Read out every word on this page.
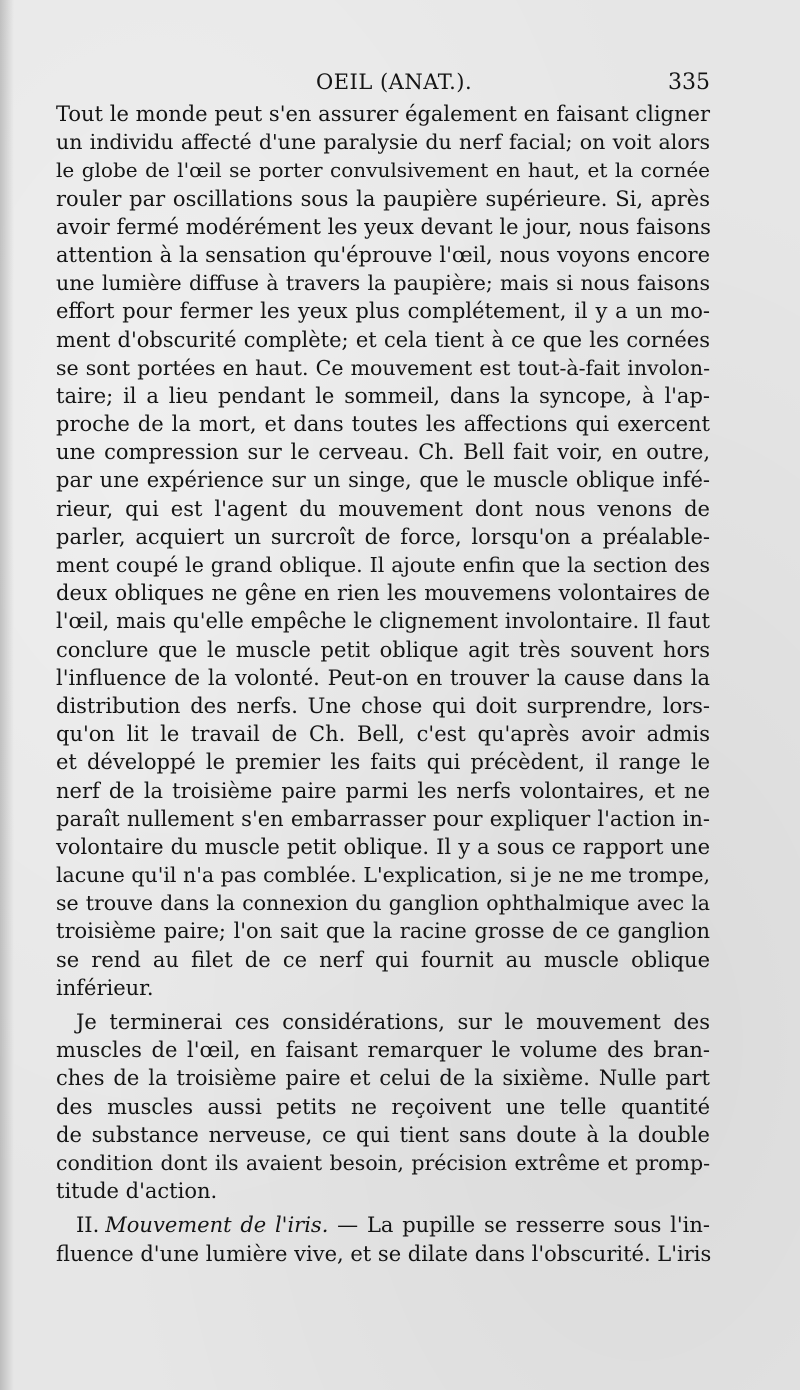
OEIL (ANAT.).	335
Tout le monde peut s'en assurer également en faisant cligner
un individu affecté d'une paralysie du nerf facial; on voit alors
le globe de l'œil se porter convulsivement en haut, et la cornée
rouler par oscillations sous la paupière supérieure. Si, après
avoir fermé modérément les yeux devant le jour, nous faisons
attention à la sensation qu'éprouve l'œil, nous voyons encore
une lumière diffuse à travers la paupière; mais si nous faisons
effort pour fermer les yeux plus complétement, il y a un mo-
ment d'obscurité complète; et cela tient à ce que les cornées
se sont portées en haut. Ce mouvement est tout-à-fait involon-
taire; il a lieu pendant le sommeil, dans la syncope, à l'ap-
proche de la mort, et dans toutes les affections qui exercent
une compression sur le cerveau. Ch. Bell fait voir, en outre,
par une expérience sur un singe, que le muscle oblique infé-
rieur, qui est l'agent du mouvement dont nous venons de
parler, acquiert un surcroît de force, lorsqu'on a préalable-
ment coupé le grand oblique. Il ajoute enfin que la section des
deux obliques ne gêne en rien les mouvemens volontaires de
l'œil, mais qu'elle empêche le clignement involontaire. Il faut
conclure que le muscle petit oblique agit très souvent hors
l'influence de la volonté. Peut-on en trouver la cause dans la
distribution des nerfs. Une chose qui doit surprendre, lors-
qu'on lit le travail de Ch. Bell, c'est qu'après avoir admis
et développé le premier les faits qui précèdent, il range le
nerf de la troisième paire parmi les nerfs volontaires, et ne
paraît nullement s'en embarrasser pour expliquer l'action in-
volontaire du muscle petit oblique. Il y a sous ce rapport une
lacune qu'il n'a pas comblée. L'explication, si je ne me trompe,
se trouve dans la connexion du ganglion ophthalmique avec la
troisième paire; l'on sait que la racine grosse de ce ganglion
se rend au filet de ce nerf qui fournit au muscle oblique
inférieur.
Je terminerai ces considérations, sur le mouvement des
muscles de l'œil, en faisant remarquer le volume des bran-
ches de la troisième paire et celui de la sixième. Nulle part
des muscles aussi petits ne reçoivent une telle quantité
de substance nerveuse, ce qui tient sans doute à la double
condition dont ils avaient besoin, précision extrême et promp-
titude d'action.
II. Mouvement de l'iris. — La pupille se resserre sous l'in-
fluence d'une lumière vive, et se dilate dans l'obscurité. L'iris
